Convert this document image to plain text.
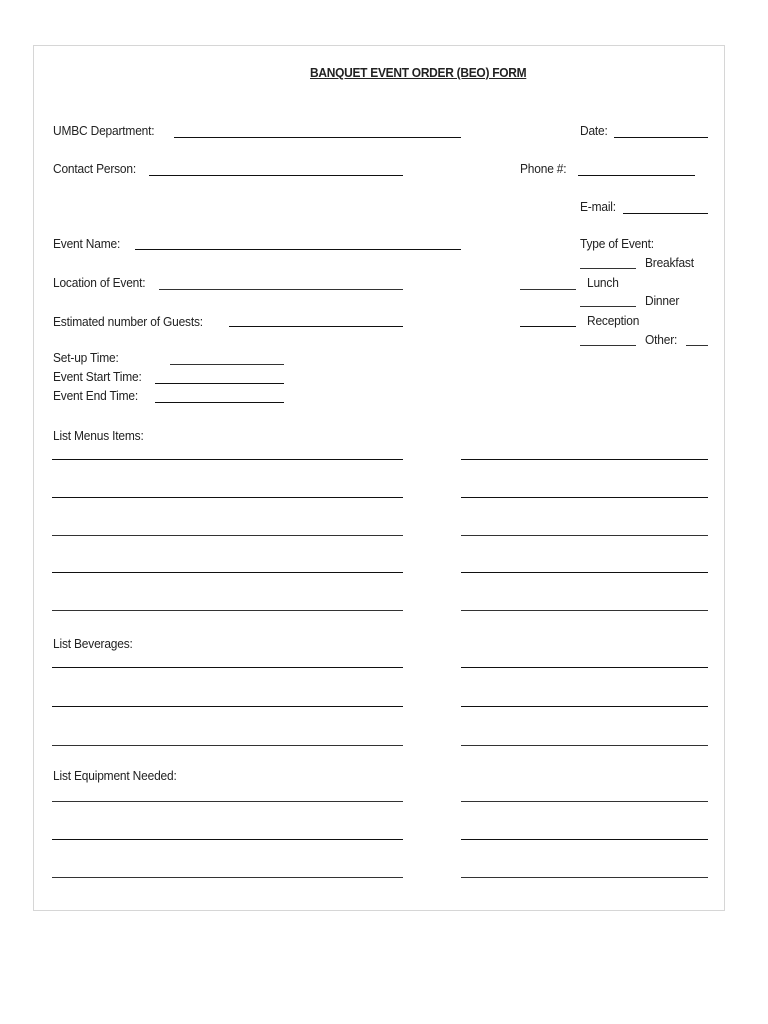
BANQUET EVENT ORDER (BEO) FORM
UMBC Department:	Date:
Contact Person:	Phone #:
E-mail:
Event Name:	Type of Event:
Breakfast
Location of Event:	Lunch
Dinner
Estimated number of Guests:	Reception
Other:
Set-up Time:
Event Start Time:
Event End Time:
List Menus Items:
List Beverages:
List Equipment Needed:
